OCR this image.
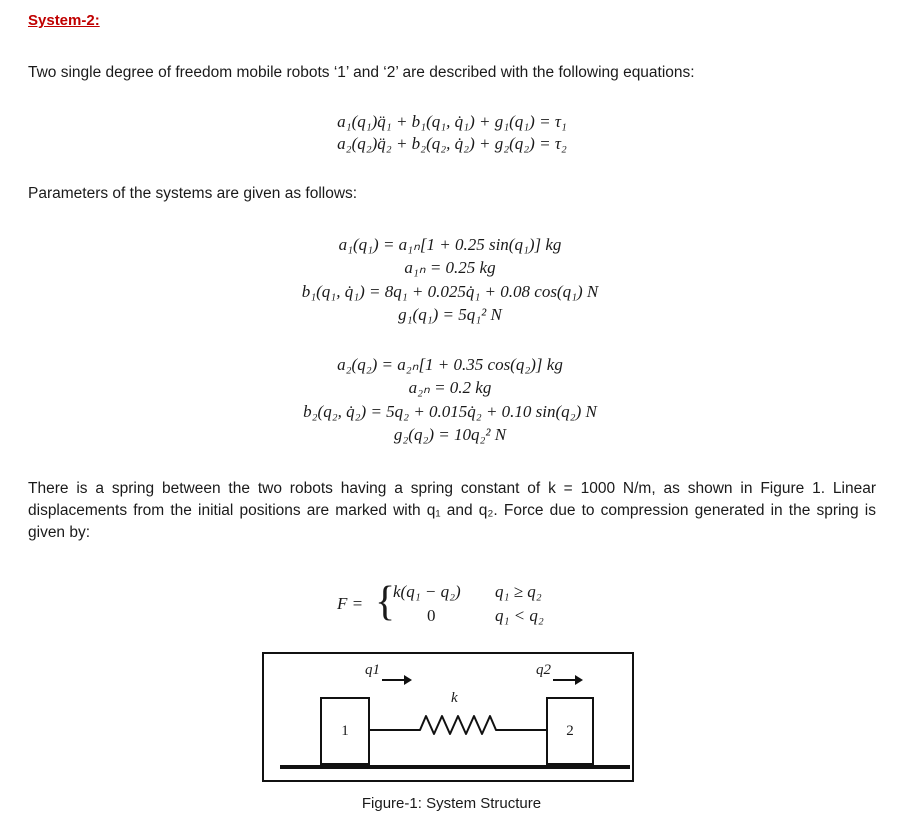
System-2:
Two single degree of freedom mobile robots ‘1’ and ‘2’ are described with the following equations:
a₁(q₁)q̈₁ + b₁(q₁, q̇₁) + g₁(q₁) = τ₁
a₂(q₂)q̈₂ + b₂(q₂, q̇₂) + g₂(q₂) = τ₂
Parameters of the systems are given as follows:
a₁(q₁) = a₁ₙ[1 + 0.25 sin(q₁)] kg
a₁ₙ = 0.25 kg
b₁(q₁, q̇₁) = 8q₁ + 0.025q̇₁ + 0.08 cos(q₁) N
g₁(q₁) = 5q₁² N
a₂(q₂) = a₂ₙ[1 + 0.35 cos(q₂)] kg
a₂ₙ = 0.2 kg
b₂(q₂, q̇₂) = 5q₂ + 0.015q̇₂ + 0.10 sin(q₂) N
g₂(q₂) = 10q₂² N
There is a spring between the two robots having a spring constant of k = 1000 N/m, as shown in Figure 1. Linear displacements from the initial positions are marked with q₁ and q₂. Force due to compression generated in the spring is given by:
F = {
k(q₁ − q₂) q₁ ≥ q₂
0	q₁ < q₂
q1	q2
k
1	2
Figure-1: System Structure
